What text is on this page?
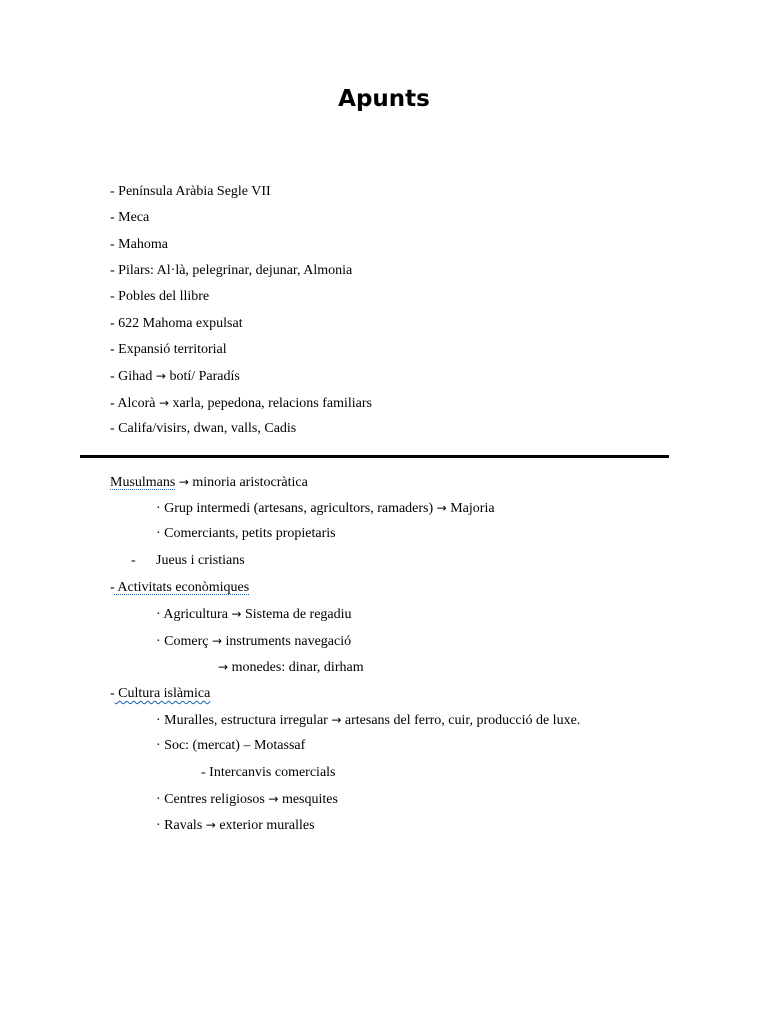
Apunts
- Península Aràbia Segle VII
- Meca
- Mahoma
- Pilars: Al·là, pelegrinar, dejunar, Almonia
- Pobles del llibre
- 622 Mahoma expulsat
- Expansió territorial
- Gihad → botí/ Paradís
- Alcorà → xarla, pepedona, relacions familiars
- Califa/visirs, dwan, valls, Cadis
Musulmans → minoria aristocràtica
· Grup intermedi (artesans, agricultors, ramaders) → Majoria
· Comerciants, petits propietaris
- Jueus i cristians
- Activitats econòmiques
· Agricultura → Sistema de regadiu
· Comerç → instruments navegació
→ monedes: dinar, dirham
- Cultura islàmica
· Muralles, estructura irregular → artesans del ferro, cuir, producció de luxe.
· Soc: (mercat) – Motassaf
- Intercanvis comercials
· Centres religiosos → mesquites
· Ravals → exterior muralles
